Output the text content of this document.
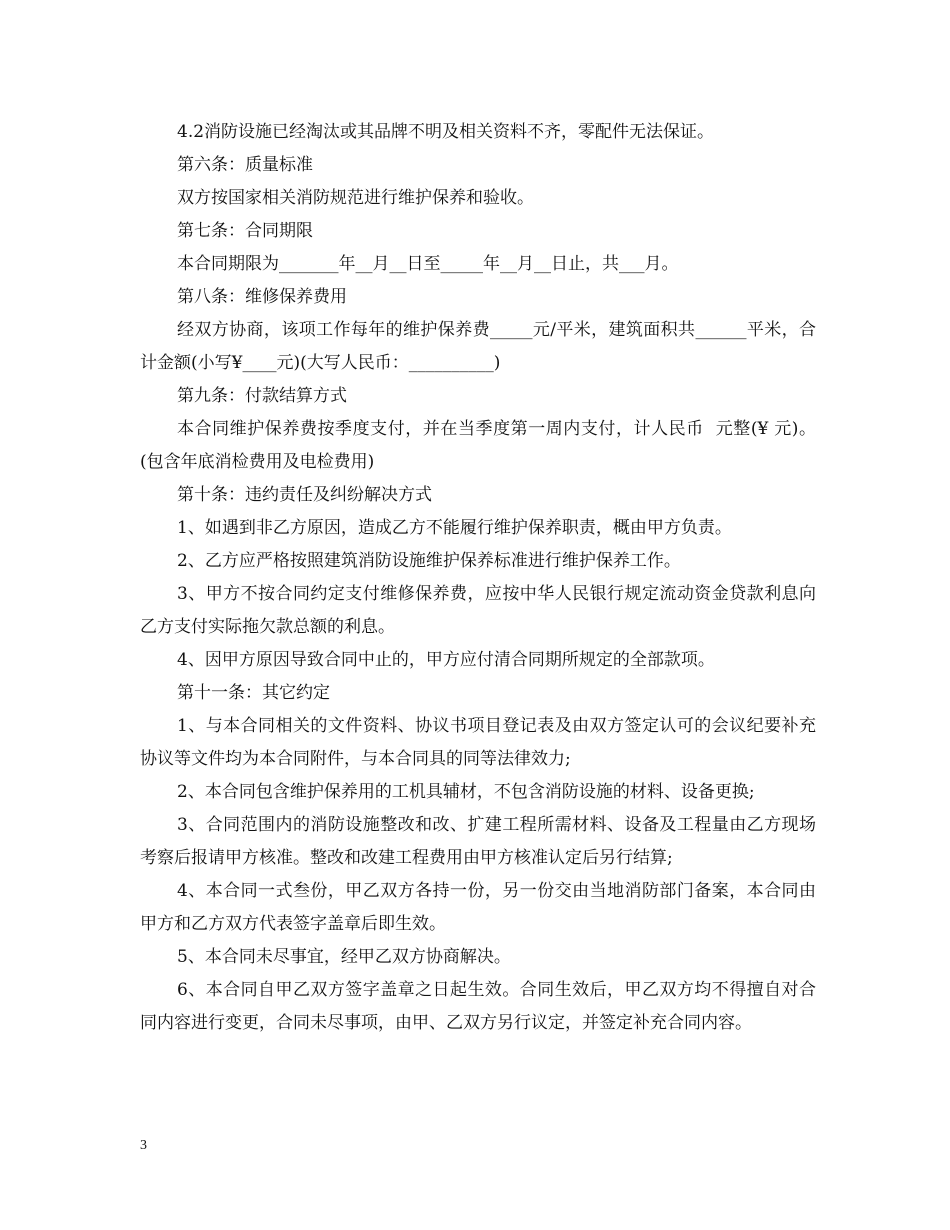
4.2消防设施已经淘汰或其品牌不明及相关资料不齐，零配件无法保证。

第六条：质量标准

双方按国家相关消防规范进行维护保养和验收。

第七条：合同期限

本合同期限为_______年__月__日至_____年__月__日止，共___月。

第八条：维修保养费用

经双方协商，该项工作每年的维护保养费_____元/平米，建筑面积共______平米，合计金额(小写¥____元)(大写人民币：__________)

第九条：付款结算方式

本合同维护保养费按季度支付，并在当季度第一周内支付，计人民币  元整(¥ 元)。(包含年底消检费用及电检费用)

第十条：违约责任及纠纷解决方式

1、如遇到非乙方原因，造成乙方不能履行维护保养职责，概由甲方负责。

2、乙方应严格按照建筑消防设施维护保养标准进行维护保养工作。

3、甲方不按合同约定支付维修保养费，应按中华人民银行规定流动资金贷款利息向乙方支付实际拖欠款总额的利息。

4、因甲方原因导致合同中止的，甲方应付清合同期所规定的全部款项。

第十一条：其它约定

1、与本合同相关的文件资料、协议书项目登记表及由双方签定认可的会议纪要补充协议等文件均为本合同附件，与本合同具的同等法律效力;

2、本合同包含维护保养用的工机具辅材，不包含消防设施的材料、设备更换;

3、合同范围内的消防设施整改和改、扩建工程所需材料、设备及工程量由乙方现场考察后报请甲方核准。整改和改建工程费用由甲方核准认定后另行结算;

4、本合同一式叁份，甲乙双方各持一份，另一份交由当地消防部门备案，本合同由甲方和乙方双方代表签字盖章后即生效。

5、本合同未尽事宜，经甲乙双方协商解决。

6、本合同自甲乙双方签字盖章之日起生效。合同生效后，甲乙双方均不得擅自对合同内容进行变更，合同未尽事项，由甲、乙双方另行议定，并签定补充合同内容。

3
